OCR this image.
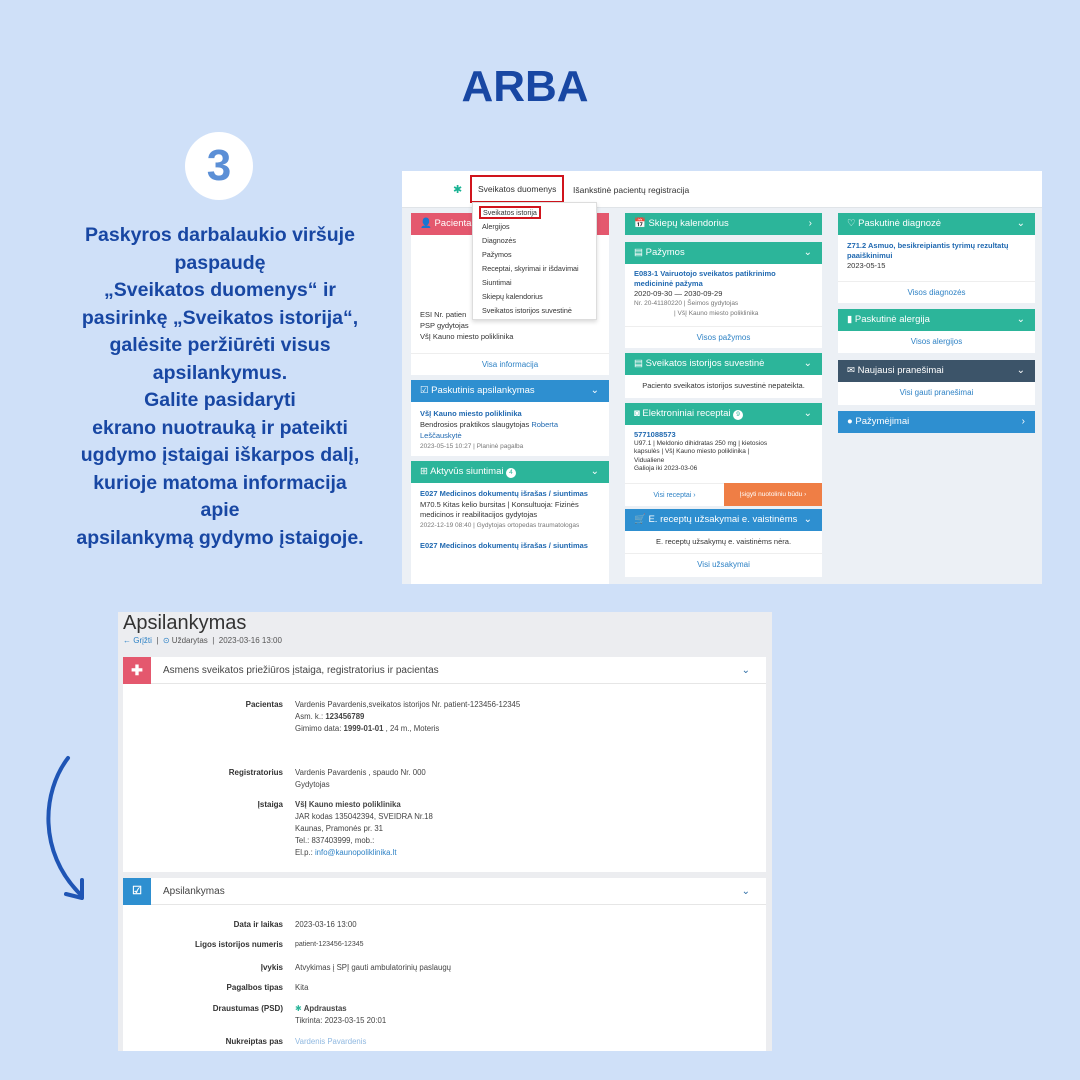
ARBA
3

Paskyros darbalaukio viršuje

paspaudę

„Sveikatos duomenys“ ir

pasirinkę „Sveikatos istorija“,

galėsite peržiūrėti visus

apsilankymus.

Galite pasidaryti

ekrano nuotrauką ir pateikti

ugdymo įstaigai iškarpos dalį,

kurioje matoma informacija

apie

apsilankymą gydymo įstaigoje.

✱	Sveikatos duomenys	Išankstinė pacientų registracija
👤 Pacienta
ESI Nr. patien
PSP gydytojas
VšĮ Kauno miesto poliklinika
Visa informacija
☑ Paskutinis apsilankymas	⌄
VšĮ Kauno miesto poliklinika
Bendrosios praktikos slaugytojas Roberta
Leščauskytė
2023-05-15 10:27 | Planinė pagalba
⊞ Aktyvūs siuntimai 4	⌄
E027 Medicinos dokumentų išrašas / siuntimas
M70.5 Kitas kelio bursitas | Konsultuoja: Fizinės medicinos ir reabilitacijos gydytojas
2022-12-19 08:40 | Gydytojas ortopedas traumatologas
E027 Medicinos dokumentų išrašas / siuntimas
Sveikatos istorija
Alergijos
Diagnozės
Pažymos
Receptai, skyrimai ir išdavimai
Siuntimai
Skiepų kalendorius
Sveikatos istorijos suvestinė
📅 Skiepų kalendorius	›
▤ Pažymos	⌄
E083-1 Vairuotojo sveikatos patikrinimo medicininė pažyma
2020-09-30 — 2030-09-29
Nr. 20-41180220 | Šeimos gydytojas
| VšĮ Kauno miesto poliklinika
Visos pažymos
▤ Sveikatos istorijos suvestinė	⌄
Paciento sveikatos istorijos suvestinė nepateikta.
◙ Elektroniniai receptai 9	⌄
5771088573
U97.1 | Meldonio dihidratas 250 mg | kietosios
kapsulės | VšĮ Kauno miesto poliklinika |
Vidualiene
Galioja iki 2023-03-06
Visi receptai ›	Įsigyti nuotoliniu būdu ›
🛒 E. receptų užsakymai e. vaistinėms ⌄
E. receptų užsakymų e. vaistinėms nėra.
Visi užsakymai
♡ Paskutinė diagnozė	⌄
Z71.2 Asmuo, besikreipiantis tyrimų rezultatų paaiškinimui
2023-05-15
Visos diagnozės
▮ Paskutinė alergija	⌄
Visos alergijos
✉ Naujausi pranešimai	⌄
Visi gauti pranešimai
● Pažymėjimai	›
Apsilankymas
← Grįžti  |  ⊙ Uždarytas  |  2023-03-16 13:00
✚	Asmens sveikatos priežiūros įstaiga, registratorius ir pacientas	⌄
Pacientas Vardenis Pavardenis,sveikatos istorijos Nr. patient-123456-12345
Asm. k.: 123456789
Gimimo data: 1999-01-01 , 24 m., Moteris
Registratorius Vardenis Pavardenis , spaudo Nr. 000
Gydytojas
Įstaiga VšĮ Kauno miesto poliklinika
JAR kodas 135042394, SVEIDRA Nr.18
Kaunas, Pramonės pr. 31
Tel.: 837403999, mob.:
El.p.: info@kaunopoliklinika.lt
☑	Apsilankymas	⌄
Data ir laikas 2023-03-16 13:00
Ligos istorijos numeris patient-123456-12345
Įvykis Atvykimas į SPĮ gauti ambulatorinių paslaugų
Pagalbos tipas Kita
Draustumas (PSD) ✱ Apdraustas
Tikrinta: 2023-03-15 20:01
Nukreiptas pas Vardenis Pavardenis
